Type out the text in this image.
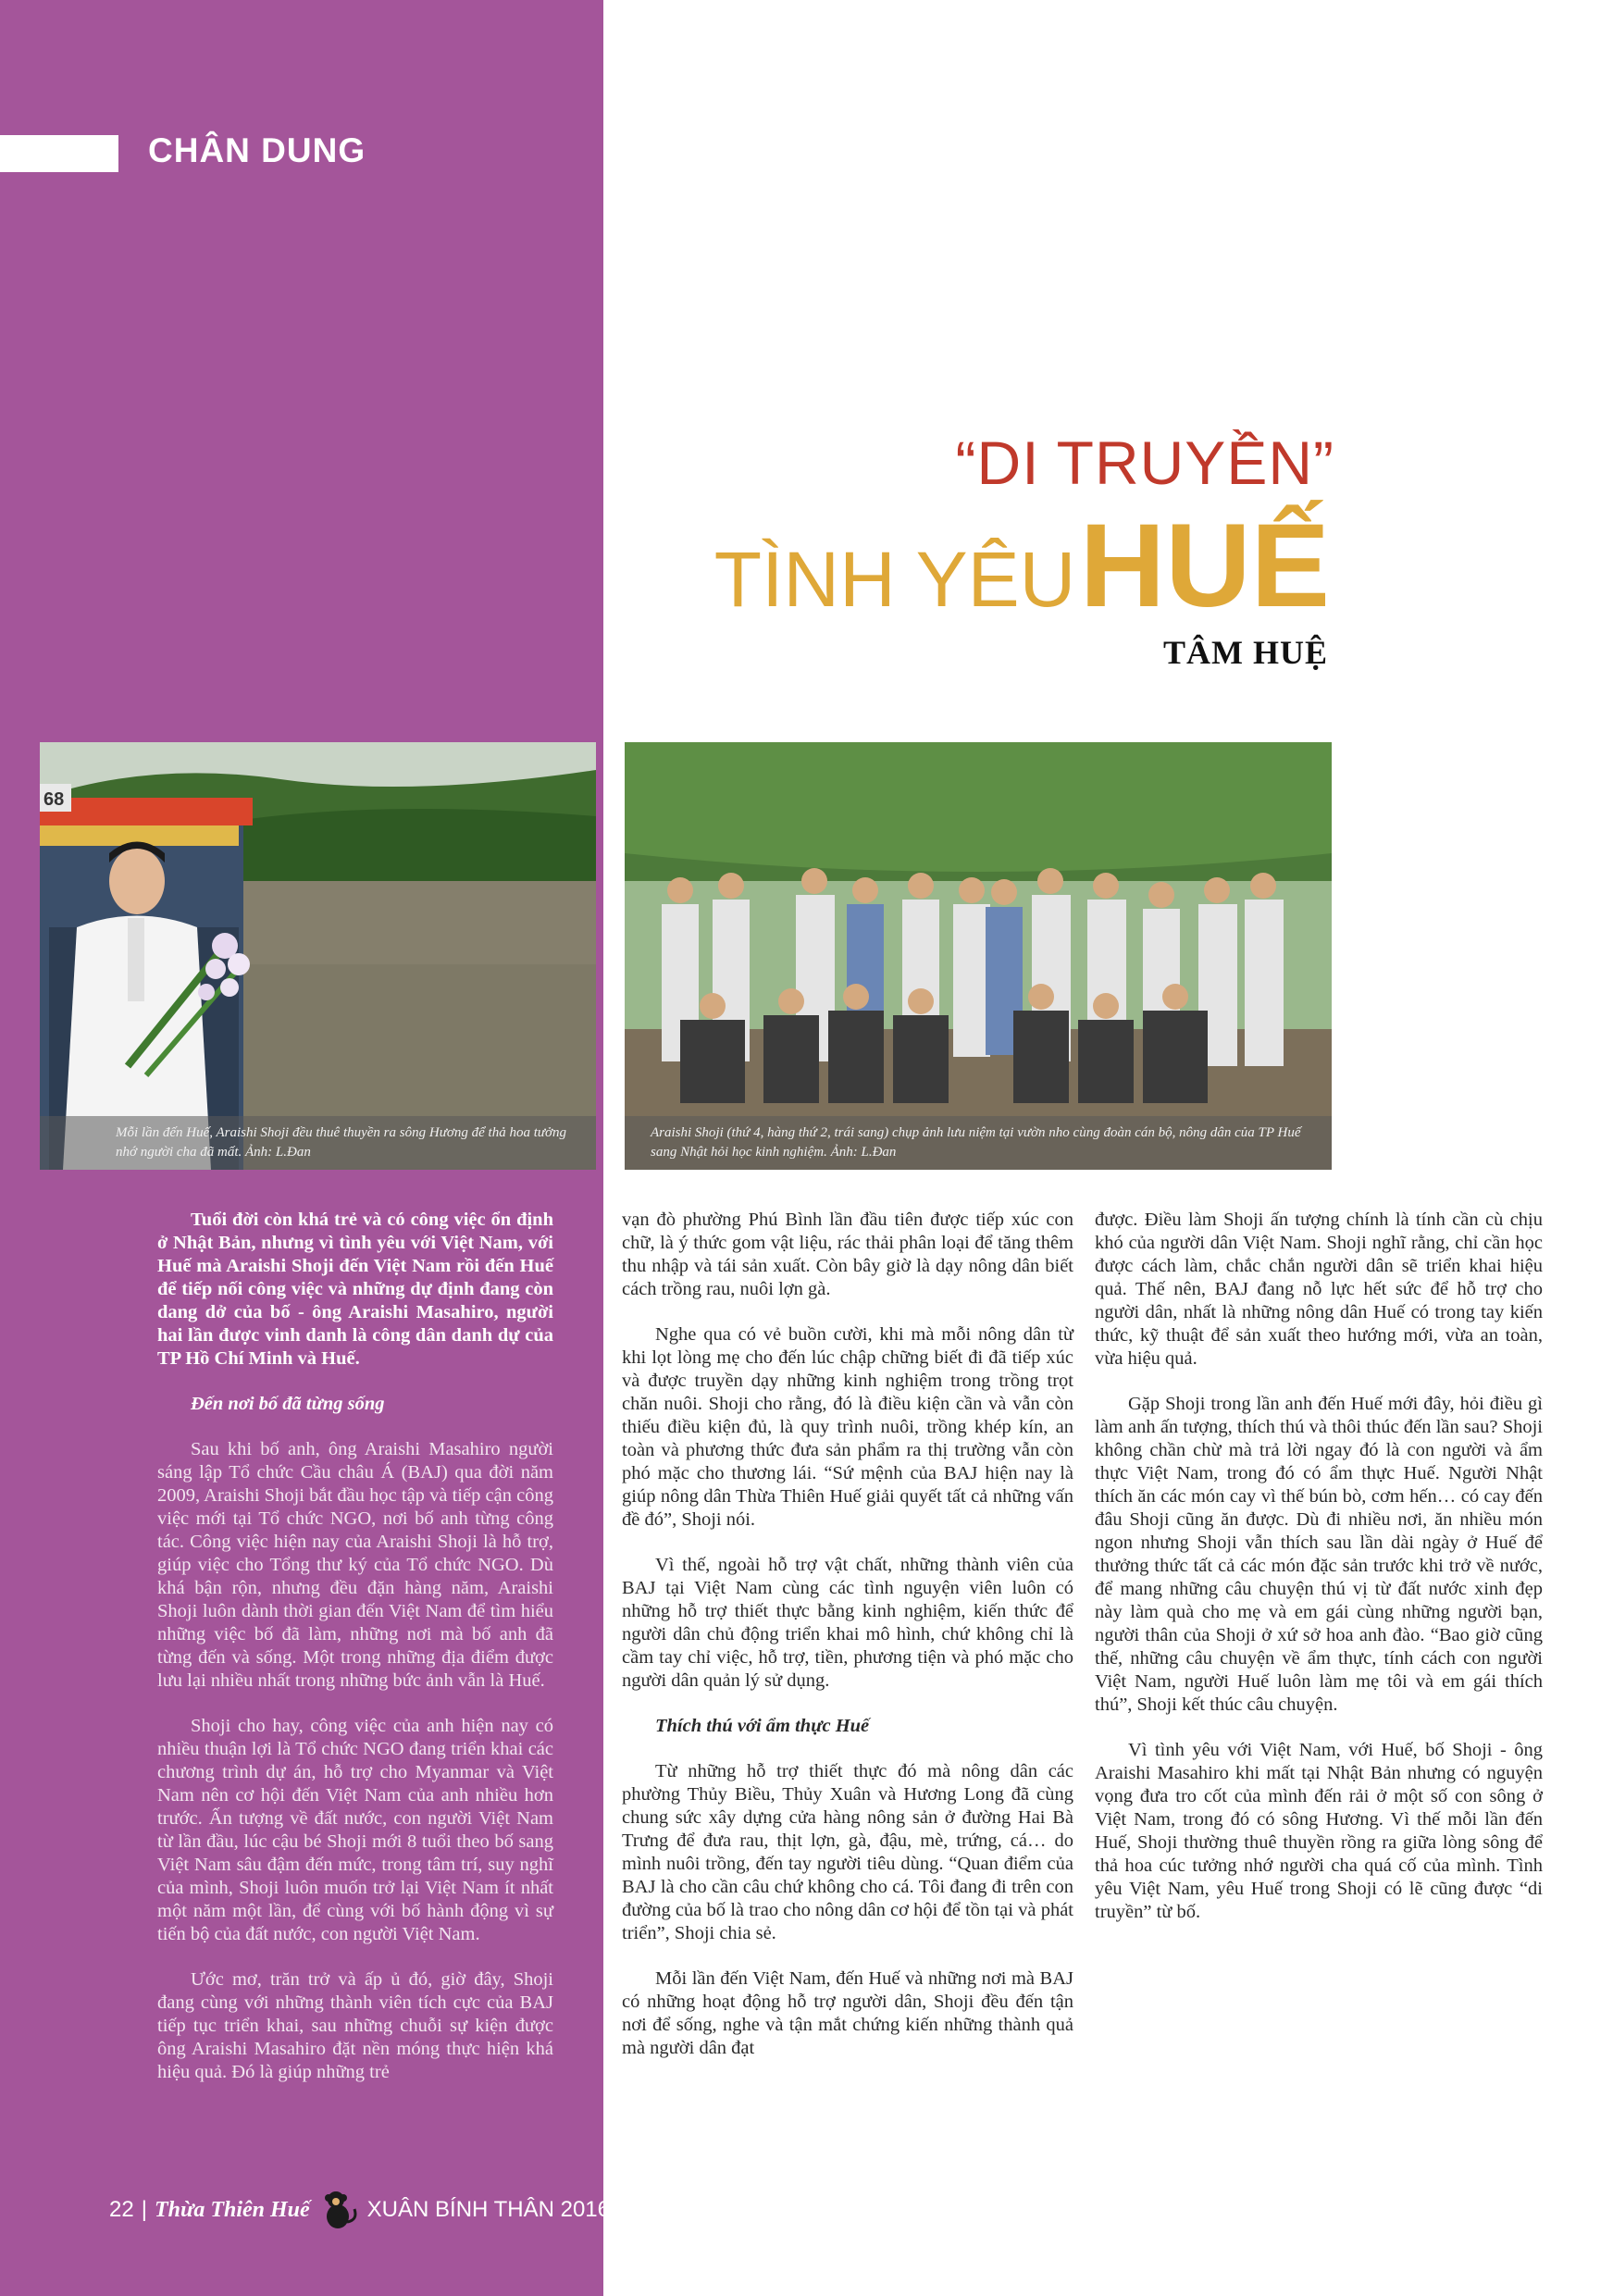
CHÂN DUNG
“DI TRUYỀN”
TÌNH YÊU HUẾ
TÂM HUỆ
68
Mỗi lần đến Huế, Araishi Shoji đều thuê thuyền ra sông Hương để thả hoa tưởng nhớ người cha đã mất. Ảnh: L.Đan
Araishi Shoji (thứ 4, hàng thứ 2, trái sang) chụp ảnh lưu niệm tại vườn nho cùng đoàn cán bộ, nông dân của TP Huế sang Nhật hỏi học kinh nghiệm. Ảnh: L.Đan

Tuổi đời còn khá trẻ và có công việc ổn định ở Nhật Bản, nhưng vì tình yêu với Việt Nam, với Huế mà Araishi Shoji đến Việt Nam rồi đến Huế để tiếp nối công việc và những dự định đang còn dang dở của bố - ông Araishi Masahiro, người hai lần được vinh danh là công dân danh dự của TP Hồ Chí Minh và Huế.

Đến nơi bố đã từng sống

Sau khi bố anh, ông Araishi Masahiro người sáng lập Tổ chức Cầu châu Á (BAJ) qua đời năm 2009, Araishi Shoji bắt đầu học tập và tiếp cận công việc mới tại Tổ chức NGO, nơi bố anh từng công tác. Công việc hiện nay của Araishi Shoji là hỗ trợ, giúp việc cho Tổng thư ký của Tổ chức NGO. Dù khá bận rộn, nhưng đều đặn hàng năm, Araishi Shoji luôn dành thời gian đến Việt Nam để tìm hiểu những việc bố đã làm, những nơi mà bố anh đã từng đến và sống. Một trong những địa điểm được lưu lại nhiều nhất trong những bức ảnh vẫn là Huế.

Shoji cho hay, công việc của anh hiện nay có nhiều thuận lợi là Tổ chức NGO đang triển khai các chương trình dự án, hỗ trợ cho Myanmar và Việt Nam nên cơ hội đến Việt Nam của anh nhiều hơn trước. Ấn tượng về đất nước, con người Việt Nam từ lần đầu, lúc cậu bé Shoji mới 8 tuổi theo bố sang Việt Nam sâu đậm đến mức, trong tâm trí, suy nghĩ của mình, Shoji luôn muốn trở lại Việt Nam ít nhất một năm một lần, để cùng với bố hành động vì sự tiến bộ của đất nước, con người Việt Nam.

Ước mơ, trăn trở và ấp ủ đó, giờ đây, Shoji đang cùng với những thành viên tích cực của BAJ tiếp tục triển khai, sau những chuỗi sự kiện được ông Araishi Masahiro đặt nền móng thực hiện khá hiệu quả. Đó là giúp những trẻ

vạn đò phường Phú Bình lần đầu tiên được tiếp xúc con chữ, là ý thức gom vật liệu, rác thải phân loại để tăng thêm thu nhập và tái sản xuất. Còn bây giờ là dạy nông dân biết cách trồng rau, nuôi lợn gà.

Nghe qua có vẻ buồn cười, khi mà mỗi nông dân từ khi lọt lòng mẹ cho đến lúc chập chững biết đi đã tiếp xúc và được truyền dạy những kinh nghiệm trong trồng trọt chăn nuôi. Shoji cho rằng, đó là điều kiện cần và vẫn còn thiếu điều kiện đủ, là quy trình nuôi, trồng khép kín, an toàn và phương thức đưa sản phẩm ra thị trường vẫn còn phó mặc cho thương lái. “Sứ mệnh của BAJ hiện nay là giúp nông dân Thừa Thiên Huế giải quyết tất cả những vấn đề đó”, Shoji nói.

Vì thế, ngoài hỗ trợ vật chất, những thành viên của BAJ tại Việt Nam cùng các tình nguyện viên luôn có những hỗ trợ thiết thực bằng kinh nghiệm, kiến thức để người dân chủ động triển khai mô hình, chứ không chỉ là cầm tay chỉ việc, hỗ trợ, tiền, phương tiện và phó mặc cho người dân quản lý sử dụng.

Thích thú với ẩm thực Huế

Từ những hỗ trợ thiết thực đó mà nông dân các phường Thủy Biều, Thủy Xuân và Hương Long đã cùng chung sức xây dựng cửa hàng nông sản ở đường Hai Bà Trưng để đưa rau, thịt lợn, gà, đậu, mè, trứng, cá… do mình nuôi trồng, đến tay người tiêu dùng. “Quan điểm của BAJ là cho cần câu chứ không cho cá. Tôi đang đi trên con đường của bố là trao cho nông dân cơ hội để tồn tại và phát triển”, Shoji chia sẻ.

Mỗi lần đến Việt Nam, đến Huế và những nơi mà BAJ có những hoạt động hỗ trợ người dân, Shoji đều đến tận nơi để sống, nghe và tận mắt chứng kiến những thành quả mà người dân đạt

được. Điều làm Shoji ấn tượng chính là tính cần cù chịu khó của người dân Việt Nam. Shoji nghĩ rằng, chỉ cần học được cách làm, chắc chắn người dân sẽ triển khai hiệu quả. Thế nên, BAJ đang nỗ lực hết sức để hỗ trợ cho người dân, nhất là những nông dân Huế có trong tay kiến thức, kỹ thuật để sản xuất theo hướng mới, vừa an toàn, vừa hiệu quả.

Gặp Shoji trong lần anh đến Huế mới đây, hỏi điều gì làm anh ấn tượng, thích thú và thôi thúc đến lần sau? Shoji không chần chừ mà trả lời ngay đó là con người và ẩm thực Việt Nam, trong đó có ẩm thực Huế. Người Nhật thích ăn các món cay vì thế bún bò, cơm hến… có cay đến đâu Shoji cũng ăn được. Dù đi nhiều nơi, ăn nhiều món ngon nhưng Shoji vẫn thích sau lần dài ngày ở Huế để thưởng thức tất cả các món đặc sản trước khi trở về nước, để mang những câu chuyện thú vị từ đất nước xinh đẹp này làm quà cho mẹ và em gái cùng những người bạn, người thân của Shoji ở xứ sở hoa anh đào. “Bao giờ cũng thế, những câu chuyện về ẩm thực, tính cách con người Việt Nam, người Huế luôn làm mẹ tôi và em gái thích thú”, Shoji kết thúc câu chuyện.

Vì tình yêu với Việt Nam, với Huế, bố Shoji - ông Araishi Masahiro khi mất tại Nhật Bản nhưng có nguyện vọng đưa tro cốt của mình đến rải ở một số con sông ở Việt Nam, trong đó có sông Hương. Vì thế mỗi lần đến Huế, Shoji thường thuê thuyền rồng ra giữa lòng sông để thả hoa cúc tưởng nhớ người cha quá cố của mình. Tình yêu Việt Nam, yêu Huế trong Shoji có lẽ cũng được “di truyền” từ bố.

22 | Thừa Thiên Huế	XUÂN BÍNH THÂN 2016
